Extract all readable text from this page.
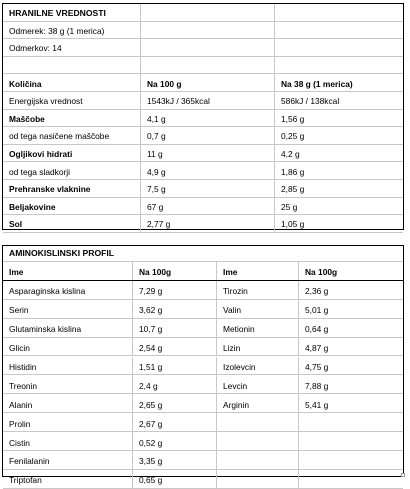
HRANILNE VREDNOSTI
Odmerek: 38 g (1 merica)
Odmerkov: 14
Količina	Na 100 g	Na 38 g (1 merica)
Energijska vrednost	1543kJ / 365kcal	586kJ / 138kcal
Maščobe	4,1 g	1,56 g
od tega nasičene maščobe	0,7 g	0,25 g
Ogljikovi hidrati	11 g	4,2 g
od tega sladkorji	4,9 g	1,86 g
Prehranske vlaknine	7,5 g	2,85 g
Beljakovine	67 g	25 g
Sol	2,77 g	1,05 g
AMINOKISLINSKI PROFIL
Ime	Na 100g	Ime	Na 100g
Asparaginska kislina	7,29 g	Tirozin	2,36 g
Serin	3,62 g	Valin	5,01 g
Glutaminska kislina	10,7 g	Metionin	0,64 g
Glicin	2,54 g	Lizin	4,87 g
Histidin	1,51 g	Izolevcin	4,75 g
Treonin	2,4 g	Levcin	7,88 g
Alanin	2,65 g	Arginin	5,41 g
Prolin	2,67 g
Cistin	0,52 g
Fenilalanin	3,35 g
Triptofan	0,65 g
